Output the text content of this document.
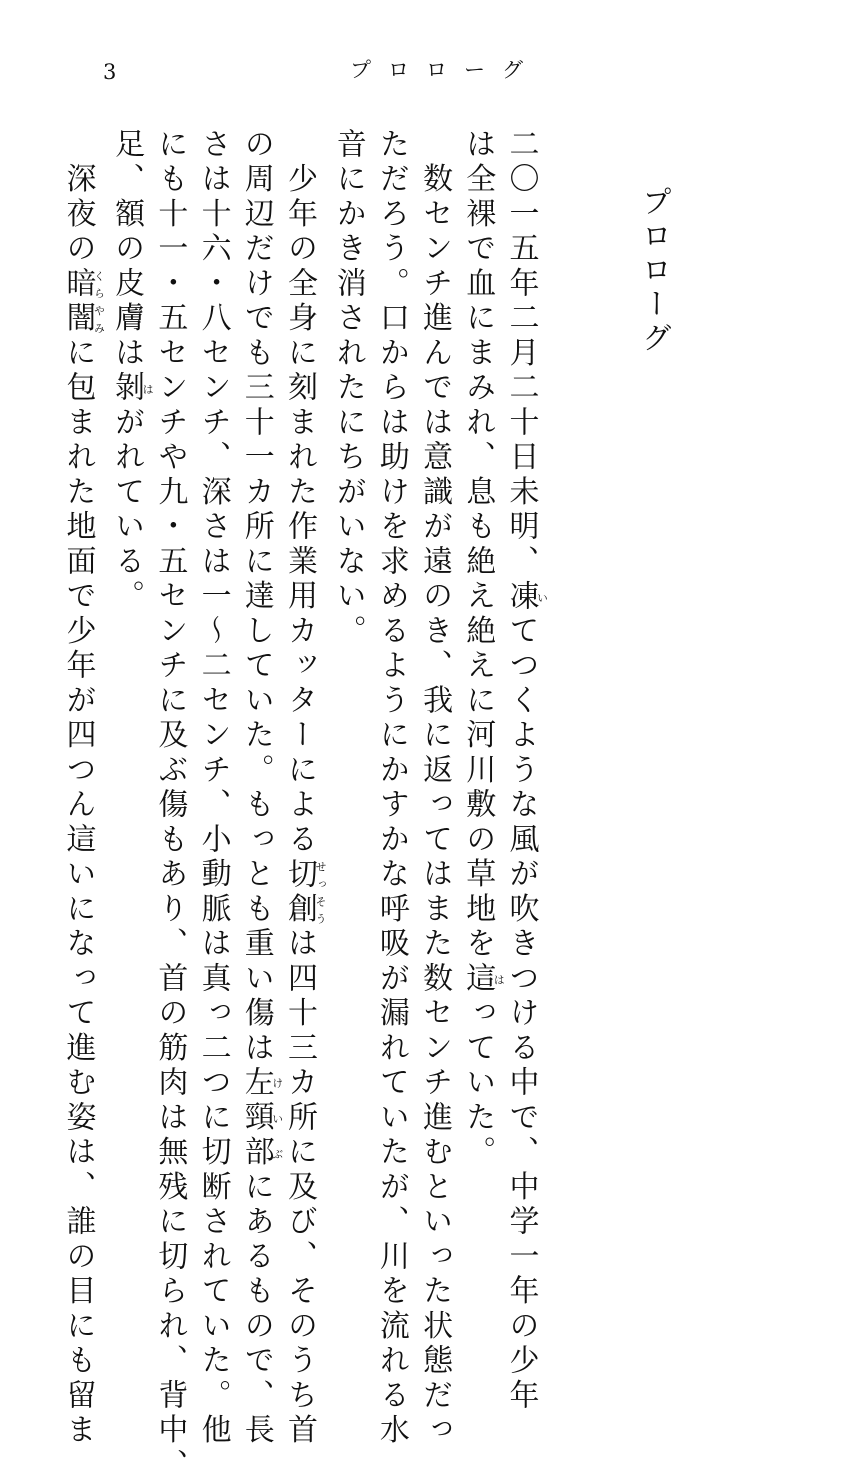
3	プロローグ
プロローグ

二〇一五年二月二十日未明、凍いてつくような風が吹きつける中で、中学一年の少年
は全裸で血にまみれ、息も絶え絶えに河川敷の草地を這はっていた。

　数センチ進んでは意識が遠のき、我に返ってはまた数センチ進むといった状態だっ
ただろう。口からは助けを求めるようにかすかな呼吸が漏れていたが、川を流れる水
音にかき消されたにちがいない。

　少年の全身に刻まれた作業用カッターによる切創せっそうは四十三カ所に及び、そのうち首
の周辺だけでも三十一カ所に達していた。もっとも重い傷は左頸部けいぶにあるもので、長
さは十六・八センチ、深さは一～二センチ、小動脈は真っ二つに切断されていた。他
にも十一・五センチや九・五センチに及ぶ傷もあり、首の筋肉は無残に切られ、背中、
足、額の皮膚は剝はがれている。

　深夜の暗闇くらやみに包まれた地面で少年が四つん這いになって進む姿は、誰の目にも留ま
